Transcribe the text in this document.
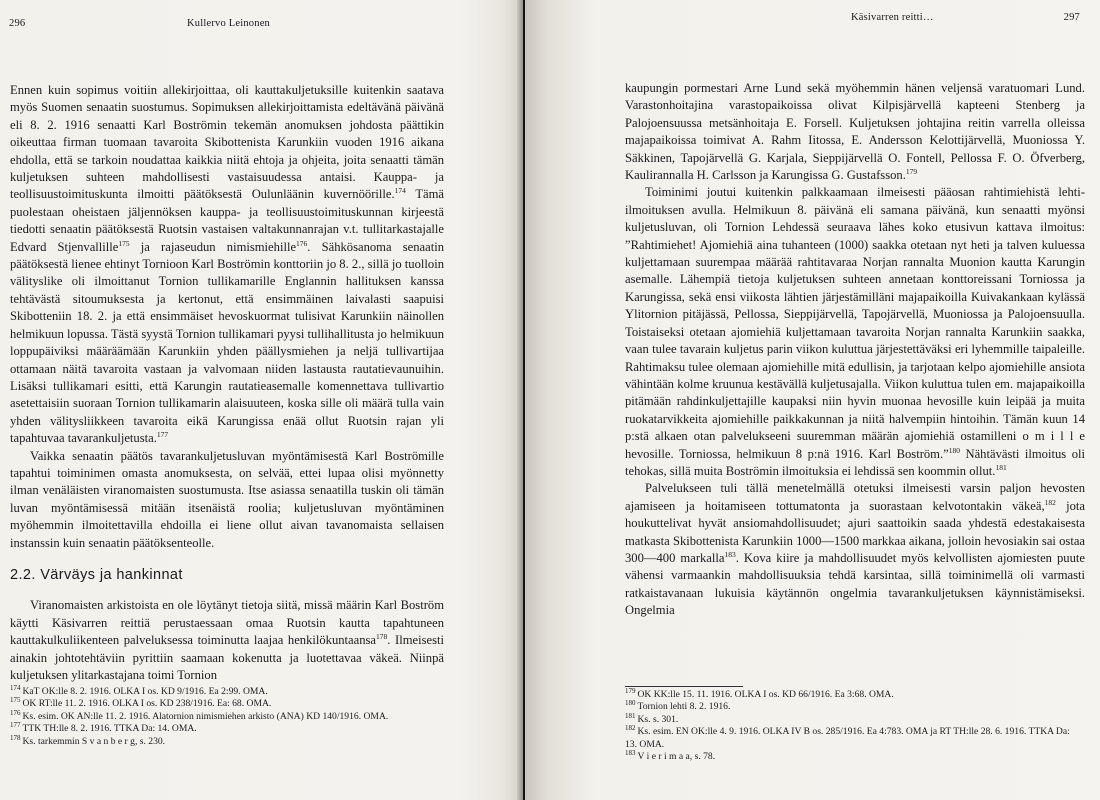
296	Kullervo Leinonen

Ennen kuin sopimus voitiin allekirjoittaa, oli kauttakuljetuksille kuitenkin saatava myös Suomen senaatin suostumus. Sopimuksen allekirjoittamista edeltävänä päivänä eli 8. 2. 1916 senaatti Karl Boströmin tekemän anomuksen johdosta päättikin oikeuttaa firman tuomaan tavaroita Skibottenista Karunkiin vuoden 1916 aikana ehdolla, että se tarkoin noudattaa kaikkia niitä ehtoja ja ohjeita, joita senaatti tämän kuljetuksen suhteen mahdollisesti vastaisuudessa antaisi. Kauppa- ja teollisuustoimituskunta ilmoitti päätöksestä Oulunläänin kuvernöörille.$^{174}$ Tämä puolestaan oheistaen jäljennöksen kauppa- ja teollisuustoimituskunnan kirjeestä tiedotti senaatin päätöksestä Ruotsin vastaisen valtakunnanrajan v.t. tullitarkastajalle Edvard Stjenvallille$^{175}$ ja rajaseudun nimismiehille$^{176}$. Sähkösanoma senaatin päätöksestä lienee ehtinyt Tornioon Karl Boströmin konttoriin jo 8. 2., sillä jo tuolloin välityslike oli ilmoittanut Tornion tullikamarille Englannin hallituksen kanssa tehtävästä sitoumuksesta ja kertonut, että ensimmäinen laivalasti saapuisi Skibotteniin 18. 2. ja että ensimmäiset hevoskuormat tulisivat Karunkiin näinollen helmikuun lopussa. Tästä syystä Tornion tullikamari pyysi tullihallitusta jo helmikuun loppupäiviksi määräämään Karunkiin yhden päällysmiehen ja neljä tullivartijaa ottamaan näitä tavaroita vastaan ja valvomaan niiden lastausta rautatievaunuihin. Lisäksi tullikamari esitti, että Karungin rautatieasemalle komennettava tullivartio asetettaisiin suoraan Tornion tullikamarin alaisuuteen, koska sille oli määrä tulla vain yhden välitysliikkeen tavaroita eikä Karungissa enää ollut Ruotsin rajan yli tapahtuvaa tavarankuljetusta.$^{177}$

Vaikka senaatin päätös tavarankuljetusluvan myöntämisestä Karl Boströmille tapahtui toiminimen omasta anomuksesta, on selvää, ettei lupaa olisi myönnetty ilman venäläisten viranomaisten suostumusta. Itse asiassa senaatilla tuskin oli tämän luvan myöntämisessä mitään itsenäistä roolia; kuljetusluvan myöntäminen myöhemmin ilmoitettavilla ehdoilla ei liene ollut aivan tavanomaista sellaisen instanssin kuin senaatin päätöksenteolle.

2.2. Värväys ja hankinnat

Viranomaisten arkistoista en ole löytänyt tietoja siitä, missä määrin Karl Boström käytti Käsivarren reittiä perustaessaan omaa Ruotsin kautta tapahtuneen kauttakulkuliikenteen palveluksessa toiminutta laajaa henkilökuntaansa$^{178}$. Ilmeisesti ainakin johtotehtäviin pyrittiin saamaan kokenutta ja luotettavaa väkeä. Niinpä kuljetuksen ylitarkastajana toimi Tornion

Käsivarren reitti…	297

kaupungin pormestari Arne Lund sekä myöhemmin hänen veljensä varatuomari Lund. Varastonhoitajina varastopaikoissa olivat Kilpisjärvellä kapteeni Stenberg ja Palojoensuussa metsänhoitaja E. Forsell. Kuljetuksen johtajina reitin varrella olleissa majapaikoissa toimivat A. Rahm Iitossa, E. Andersson Kelottijärvellä, Muoniossa Y. Säkkinen, Tapojärvellä G. Karjala, Sieppijärvellä O. Fontell, Pellossa F. O. Öfverberg, Kaulirannalla H. Carlsson ja Karungissa G. Gustafsson.$^{179}$

Toiminimi joutui kuitenkin palkkaamaan ilmeisesti pääosan rahtimiehistä lehti-ilmoituksen avulla. Helmikuun 8. päivänä eli samana päivänä, kun senaatti myönsi kuljetusluvan, oli Tornion Lehdessä seuraava lähes koko etusivun kattava ilmoitus: ”Rahtimiehet! Ajomiehiä aina tuhanteen (1000) saakka otetaan nyt heti ja talven kuluessa kuljettamaan suurempaa määrää rahtitavaraa Norjan rannalta Muonion kautta Karungin asemalle. Lähempiä tietoja kuljetuksen suhteen annetaan konttoreissani Torniossa ja Karungissa, sekä ensi viikosta lähtien järjestämilläni majapaikoilla Kuivakankaan kylässä Ylitornion pitäjässä, Pellossa, Sieppijärvellä, Tapojärvellä, Muoniossa ja Palojoensuulla. Toistaiseksi otetaan ajomiehiä kuljettamaan tavaroita Norjan rannalta Karunkiin saakka, vaan tulee tavarain kuljetus parin viikon kuluttua järjestettäväksi eri lyhemmille taipaleille. Rahtimaksu tulee olemaan ajomiehille mitä edullisin, ja tarjotaan kelpo ajomiehille ansiota vähintään kolme kruunua kestävällä kuljetusajalla. Viikon kuluttua tulen em. majapaikoilla pitämään rahdinkuljettajille kaupaksi niin hyvin muonaa hevosille kuin leipää ja muita ruokatarvikkeita ajomiehille paikkakunnan ja niitä halvempiin hintoihin. Tämän kuun 14 p:stä alkaen otan palvelukseeni suuremman määrän ajomiehiä ostamilleni o m i l l e hevosille. Torniossa, helmikuun 8 p:nä 1916. Karl Boström.”$^{180}$ Nähtävästi ilmoitus oli tehokas, sillä muita Boströmin ilmoituksia ei lehdissä sen koommin ollut.$^{181}$

Palvelukseen tuli tällä menetelmällä otetuksi ilmeisesti varsin paljon hevosten ajamiseen ja hoitamiseen tottumatonta ja suorastaan kelvotontakin väkeä,$^{182}$ jota houkuttelivat hyvät ansiomahdollisuudet; ajuri saattoikin saada yhdestä edestakaisesta matkasta Skibottenista Karunkiin 1000—1500 markkaa aikana, jolloin hevosiakin sai ostaa 300—400 markalla$^{183}$. Kova kiire ja mahdollisuudet myös kelvollisten ajomiesten puute vähensi varmaankin mahdollisuuksia tehdä karsintaa, sillä toiminimellä oli varmasti ratkaistavanaan lukuisia käytännön ongelmia tavarankuljetuksen käynnistämiseksi. Ongelmia

$^{174}$ KaT OK:lle 8. 2. 1916. OLKA I os. KD 9/1916. Ea 2:99. OMA.
$^{175}$ OK RT:lle 11. 2. 1916. OLKA I os. KD 238/1916. Ea: 68. OMA.
$^{176}$ Ks. esim. OK AN:lle 11. 2. 1916. Alatornion nimismiehen arkisto (ANA) KD 140/1916. OMA.
$^{177}$ TTK TH:lle 8. 2. 1916. TTKA Da: 14. OMA.
$^{178}$ Ks. tarkemmin S v a n b e r g, s. 230.
$^{179}$ OK KK:lle 15. 11. 1916. OLKA I os. KD 66/1916. Ea 3:68. OMA.
$^{180}$ Tornion lehti 8. 2. 1916.
$^{181}$ Ks. s. 301.
$^{182}$ Ks. esim. EN OK:lle 4. 9. 1916. OLKA IV B os. 285/1916. Ea 4:783. OMA ja RT TH:lle 28. 6. 1916. TTKA Da: 13. OMA.
$^{183}$ V i e r i m a a, s. 78.
